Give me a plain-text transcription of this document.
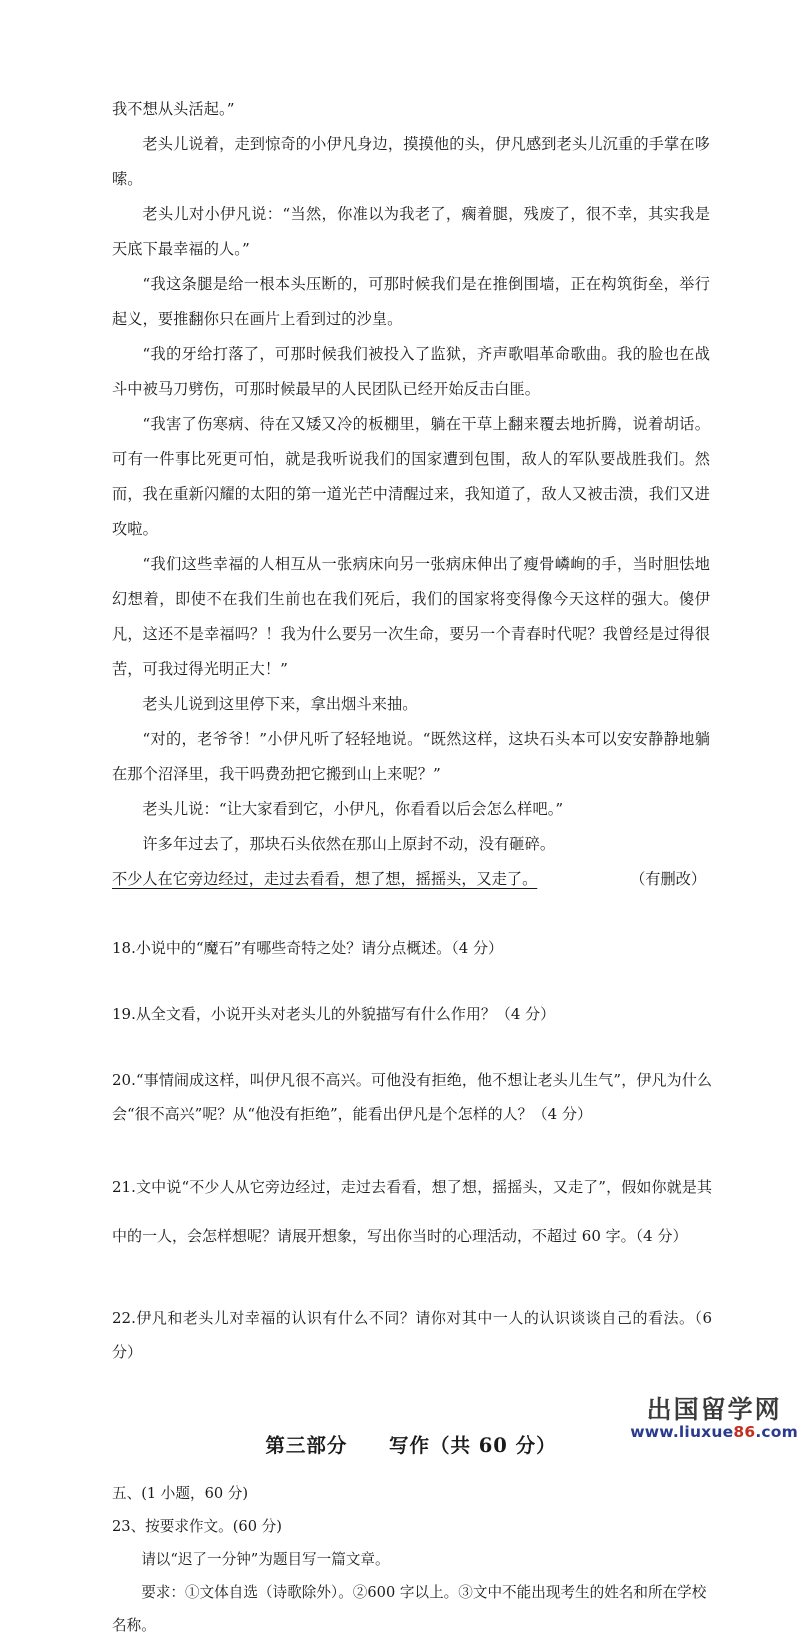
我不想从头活起。”

老头儿说着，走到惊奇的小伊凡身边，摸摸他的头，伊凡感到老头儿沉重的手掌在哆嗦。

老头儿对小伊凡说：“当然，你准以为我老了，瘸着腿，残废了，很不幸，其实我是天底下最幸福的人。”

“我这条腿是给一根本头压断的，可那时候我们是在推倒围墙，正在构筑街垒，举行起义，要推翻你只在画片上看到过的沙皇。

“我的牙给打落了，可那时候我们被投入了监狱，齐声歌唱革命歌曲。我的脸也在战斗中被马刀劈伤，可那时候最早的人民团队已经开始反击白匪。

“我害了伤寒病、待在又矮又冷的板棚里，躺在干草上翻来覆去地折腾，说着胡话。可有一件事比死更可怕，就是我听说我们的国家遭到包围，敌人的军队要战胜我们。然而，我在重新闪耀的太阳的第一道光芒中清醒过来，我知道了，敌人又被击溃，我们又进攻啦。

“我们这些幸福的人相互从一张病床向另一张病床伸出了瘦骨嶙峋的手，当时胆怯地幻想着，即使不在我们生前也在我们死后，我们的国家将变得像今天这样的强大。傻伊凡，这还不是幸福吗？！我为什么要另一次生命，要另一个青春时代呢？我曾经是过得很苦，可我过得光明正大！”

老头儿说到这里停下来，拿出烟斗来抽。

“对的，老爷爷！”小伊凡听了轻轻地说。“既然这样，这块石头本可以安安静静地躺在那个沼泽里，我干吗费劲把它搬到山上来呢？”

老头儿说：“让大家看到它，小伊凡，你看看以后会怎么样吧。”

许多年过去了，那块石头依然在那山上原封不动，没有砸碎。

不少人在它旁边经过，走过去看看，想了想，摇摇头，又走了。	（有删改）

18.小说中的“魔石”有哪些奇特之处？请分点概述。（4 分）

19.从全文看，小说开头对老头儿的外貌描写有什么作用？（4 分）

20.“事情闹成这样，叫伊凡很不高兴。可他没有拒绝，他不想让老头儿生气”，伊凡为什么会“很不高兴”呢？从“他没有拒绝”，能看出伊凡是个怎样的人？（4 分）

21.文中说“不少人从它旁边经过，走过去看看，想了想，摇摇头，又走了”，假如你就是其中的一人，会怎样想呢？请展开想象，写出你当时的心理活动，不超过 60 字。（4 分）

22.伊凡和老头儿对幸福的认识有什么不同？请你对其中一人的认识谈谈自己的看法。（6 分）

第三部分 写作（共 60 分）

五、(1 小题，60 分)

23、按要求作文。(60 分)

请以“迟了一分钟”为题目写一篇文章。

要求：①文体自选（诗歌除外）。②600 字以上。③文中不能出现考生的姓名和所在学校名称。

出国留学网
www.liuxue86.com
